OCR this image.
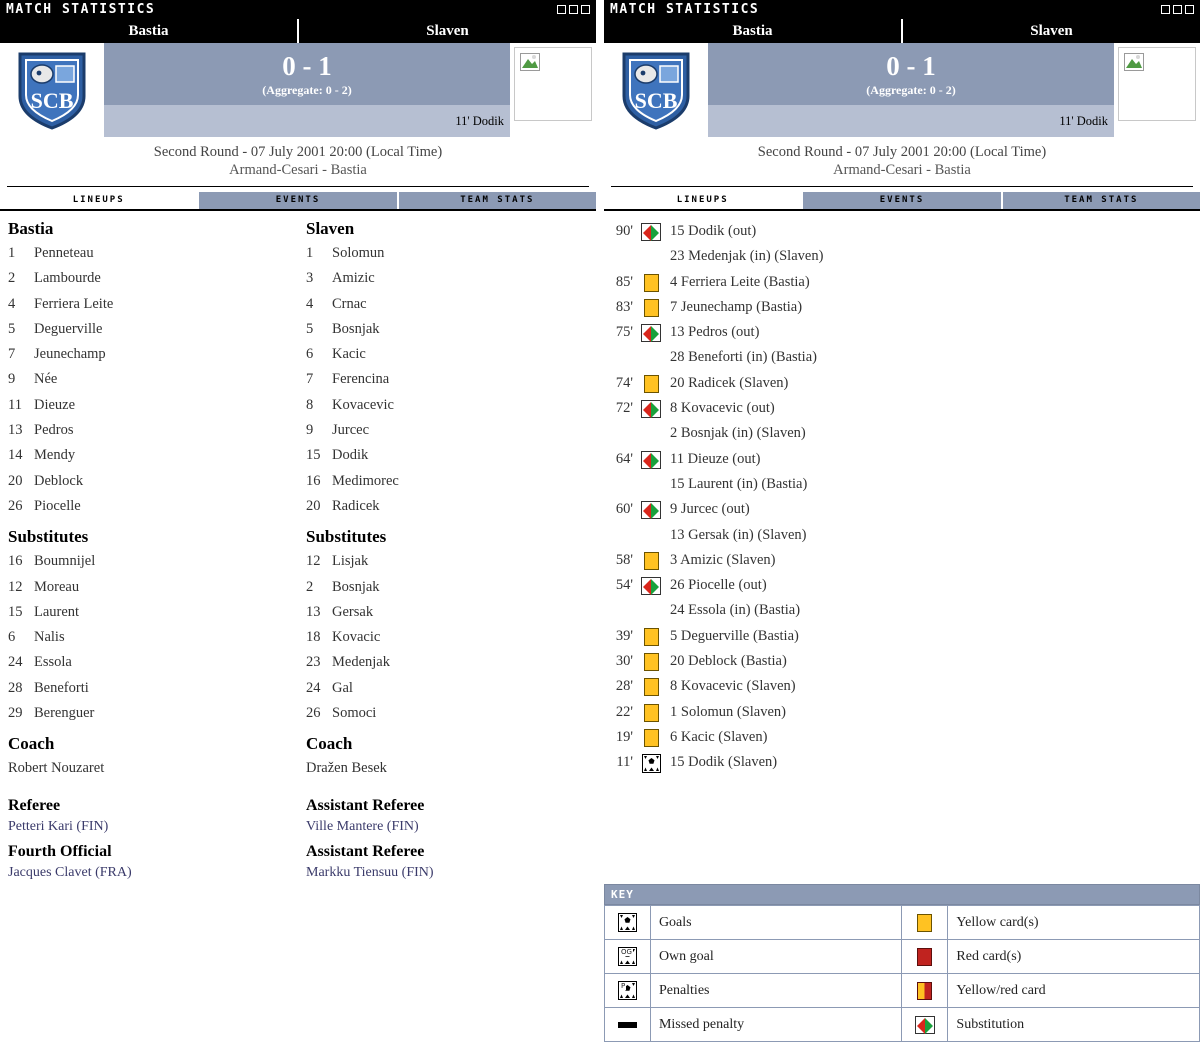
MATCH STATISTICS
Bastia	Slaven
SCB
0 - 1
(Aggregate: 0 - 2)
11' Dodik
Second Round - 07 July 2001 20:00 (Local Time)
Armand-Cesari - Bastia
LINEUPS	EVENTS	TEAM STATS
Bastia
1	Penneteau
2	Lambourde
4	Ferriera Leite
5	Deguerville
7	Jeunechamp
9	Née
11 Dieuze
13 Pedros
14 Mendy
20 Deblock
26 Piocelle
Substitutes
16 Boumnijel
12 Moreau
15 Laurent
6	Nalis
24 Essola
28 Beneforti
29 Berenguer
Coach
Robert Nouzaret
Slaven
1	Solomun
3	Amizic
4	Crnac
5	Bosnjak
6	Kacic
7	Ferencina
8	Kovacevic
9	Jurcec
15 Dodik
16 Medimorec
20 Radicek
Substitutes
12 Lisjak
2	Bosnjak
13 Gersak
18 Kovacic
23 Medenjak
24 Gal
26 Somoci
Coach
Dražen Besek
Referee
Petteri Kari (FIN)
Fourth Official
Jacques Clavet (FRA)
Assistant Referee
Ville Mantere (FIN)
Assistant Referee
Markku Tiensuu (FIN)
MATCH STATISTICS
Bastia	Slaven
SCB
0 - 1
(Aggregate: 0 - 2)
11' Dodik
Second Round - 07 July 2001 20:00 (Local Time)
Armand-Cesari - Bastia
LINEUPS	EVENTS	TEAM STATS
90'	15 Dodik (out)
23 Medenjak (in) (Slaven)
85'	4 Ferriera Leite (Bastia)
83'	7 Jeunechamp (Bastia)
75'	13 Pedros (out)
28 Beneforti (in) (Bastia)
74'	20 Radicek (Slaven)
72'	8 Kovacevic (out)
2 Bosnjak (in) (Slaven)
64'	11 Dieuze (out)
15 Laurent (in) (Bastia)
60'	9 Jurcec (out)
13 Gersak (in) (Slaven)
58'	3 Amizic (Slaven)
54'	26 Piocelle (out)
24 Essola (in) (Bastia)
39'	5 Deguerville (Bastia)
30'	20 Deblock (Bastia)
28'	8 Kovacevic (Slaven)
22'	1 Solomun (Slaven)
19'	6 Kacic (Slaven)
11'	15 Dodik (Slaven)
KEY
	Goals		Yellow card(s)

OG	Own goal		Red card(s)

P	Penalties		Yellow/red card

	Missed penalty		Substitution
